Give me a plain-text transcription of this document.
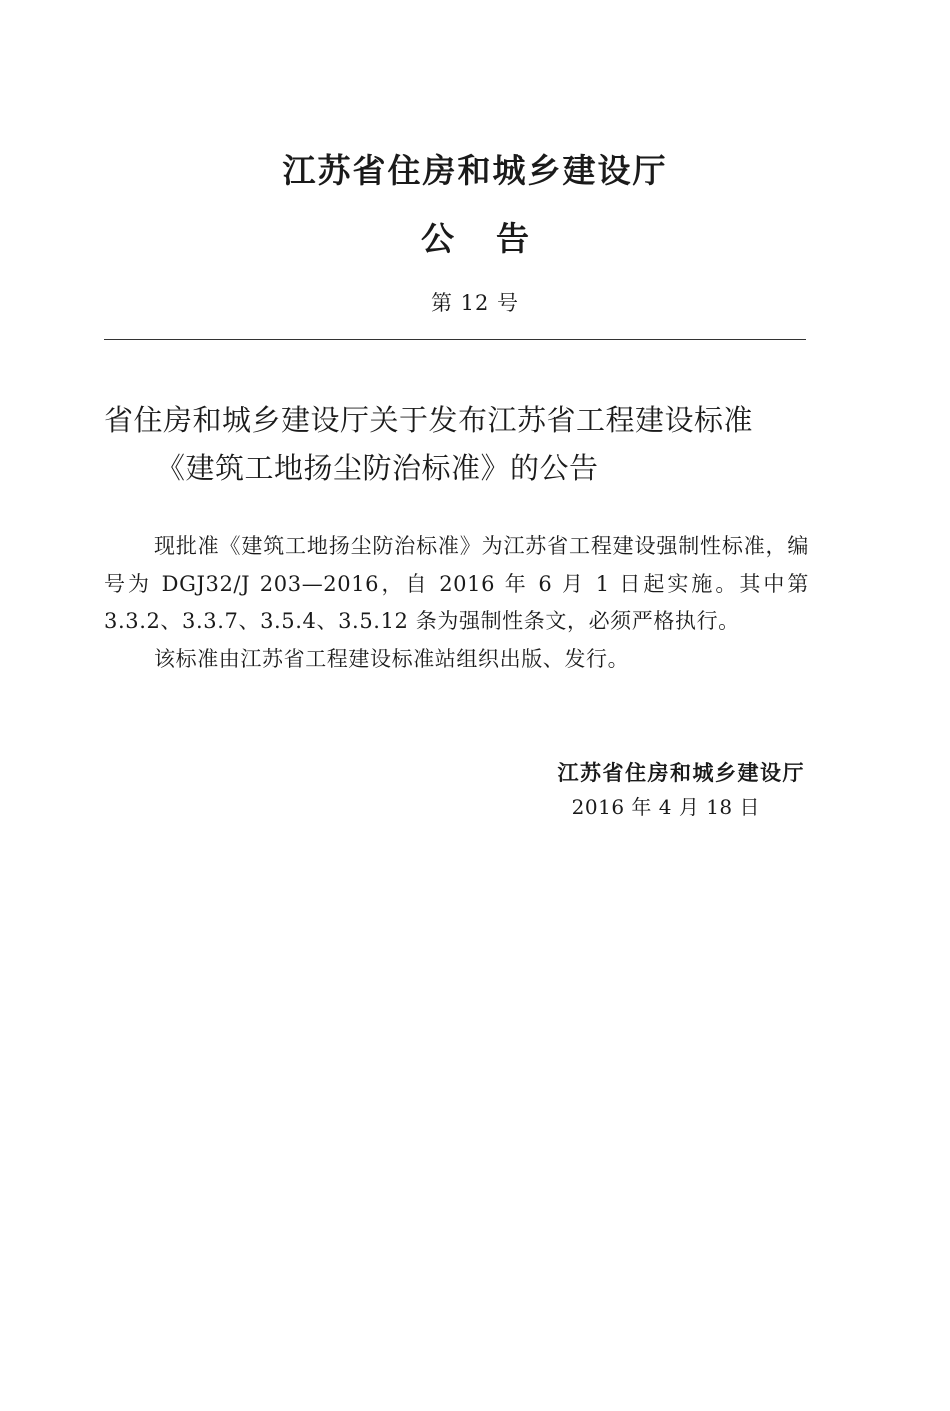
江苏省住房和城乡建设厅
公告
第 12 号
省住房和城乡建设厅关于发布江苏省工程建设标准
《建筑工地扬尘防治标准》的公告

现批准《建筑工地扬尘防治标准》为江苏省工程建设强制性标准，编号为 DGJ32/J 203—2016，自 2016 年 6 月 1 日起实施。其中第 3.3.2、3.3.7、3.5.4、3.5.12 条为强制性条文，必须严格执行。

该标准由江苏省工程建设标准站组织出版、发行。

江苏省住房和城乡建设厅
2016 年 4 月 18 日
